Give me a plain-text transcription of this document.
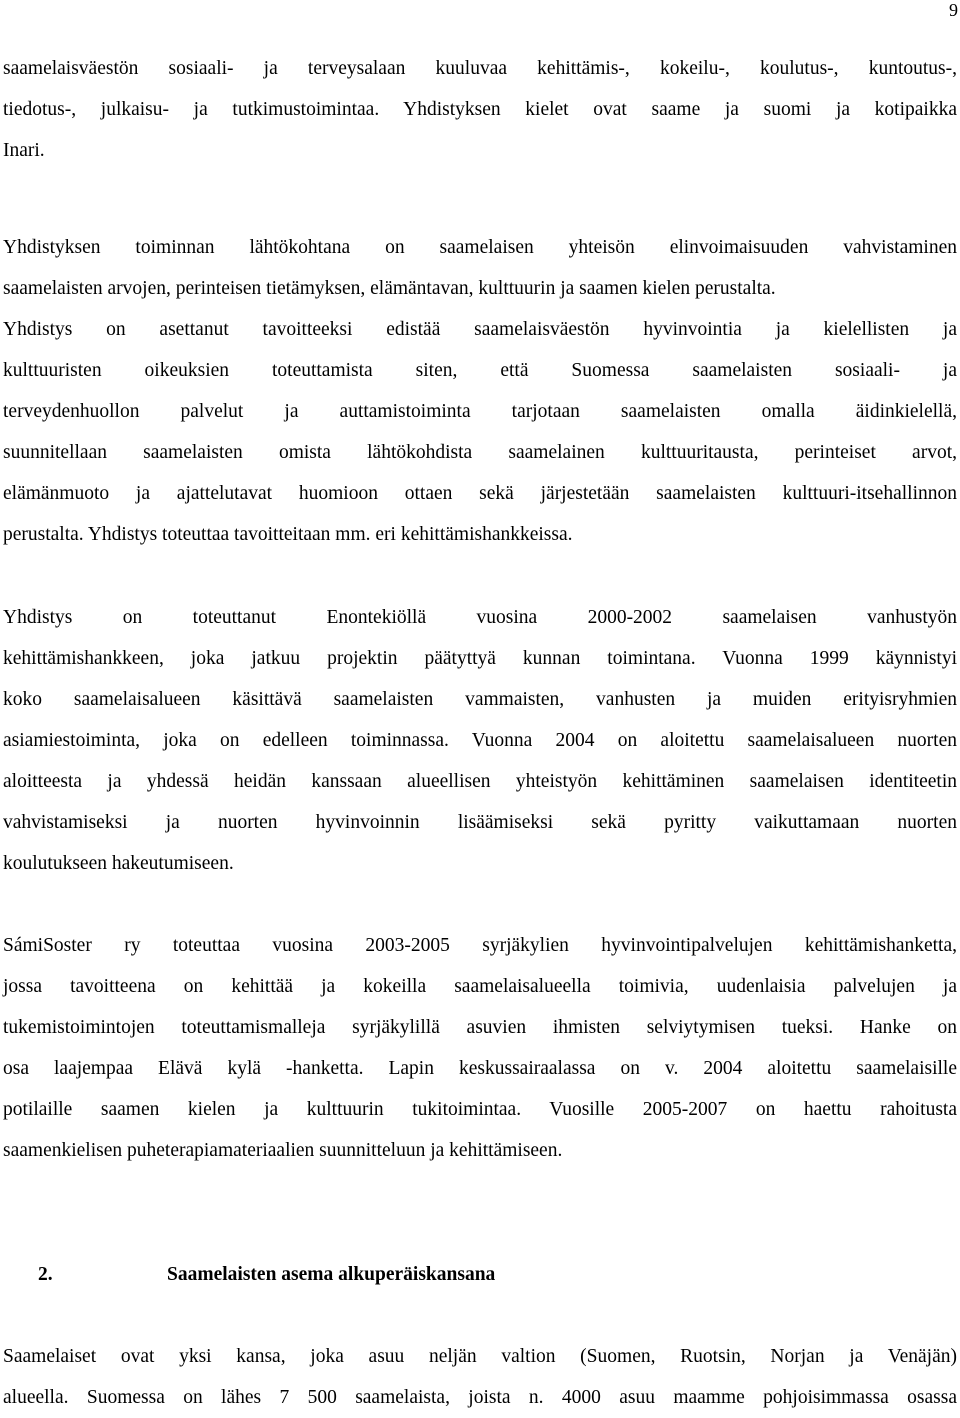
9
saamelaisväestön sosiaali- ja terveysalaan kuuluvaa kehittämis-, kokeilu-, koulutus-, kuntoutus-,
tiedotus-, julkaisu- ja tutkimustoimintaa. Yhdistyksen kielet ovat saame ja suomi ja kotipaikka
Inari.
Yhdistyksen toiminnan lähtökohtana on saamelaisen yhteisön elinvoimaisuuden vahvistaminen
saamelaisten arvojen, perinteisen tietämyksen, elämäntavan, kulttuurin ja saamen kielen perustalta.
Yhdistys on asettanut tavoitteeksi edistää saamelaisväestön hyvinvointia ja kielellisten ja
kulttuuristen oikeuksien toteuttamista siten, että Suomessa saamelaisten sosiaali- ja
terveydenhuollon palvelut ja auttamistoiminta tarjotaan saamelaisten omalla äidinkielellä,
suunnitellaan saamelaisten omista lähtökohdista saamelainen kulttuuritausta, perinteiset arvot,
elämänmuoto ja ajattelutavat huomioon ottaen sekä järjestetään saamelaisten kulttuuri-itsehallinnon
perustalta. Yhdistys toteuttaa tavoitteitaan mm. eri kehittämishankkeissa.
Yhdistys on toteuttanut Enontekiöllä vuosina 2000-2002 saamelaisen vanhustyön
kehittämishankkeen, joka jatkuu projektin päätyttyä kunnan toimintana. Vuonna 1999 käynnistyi
koko saamelaisalueen käsittävä saamelaisten vammaisten, vanhusten ja muiden erityisryhmien
asiamiestoiminta, joka on edelleen toiminnassa. Vuonna 2004 on aloitettu saamelaisalueen nuorten
aloitteesta ja yhdessä heidän kanssaan alueellisen yhteistyön kehittäminen saamelaisen identiteetin
vahvistamiseksi ja nuorten hyvinvoinnin lisäämiseksi sekä pyritty vaikuttamaan nuorten
koulutukseen hakeutumiseen.
SámiSoster ry toteuttaa vuosina 2003-2005 syrjäkylien hyvinvointipalvelujen kehittämishanketta,
jossa tavoitteena on kehittää ja kokeilla saamelaisalueella toimivia, uudenlaisia palvelujen ja
tukemistoimintojen toteuttamismalleja syrjäkylillä asuvien ihmisten selviytymisen tueksi. Hanke on
osa laajempaa Elävä kylä -hanketta. Lapin keskussairaalassa on v. 2004 aloitettu saamelaisille
potilaille saamen kielen ja kulttuurin tukitoimintaa. Vuosille 2005-2007 on haettu rahoitusta
saamenkielisen puheterapiamateriaalien suunnitteluun ja kehittämiseen.
2.	Saamelaisten asema alkuperäiskansana
Saamelaiset ovat yksi kansa, joka asuu neljän valtion (Suomen, Ruotsin, Norjan ja Venäjän)
alueella. Suomessa on lähes 7 500 saamelaista, joista n. 4000 asuu maamme pohjoisimmassa osassa
